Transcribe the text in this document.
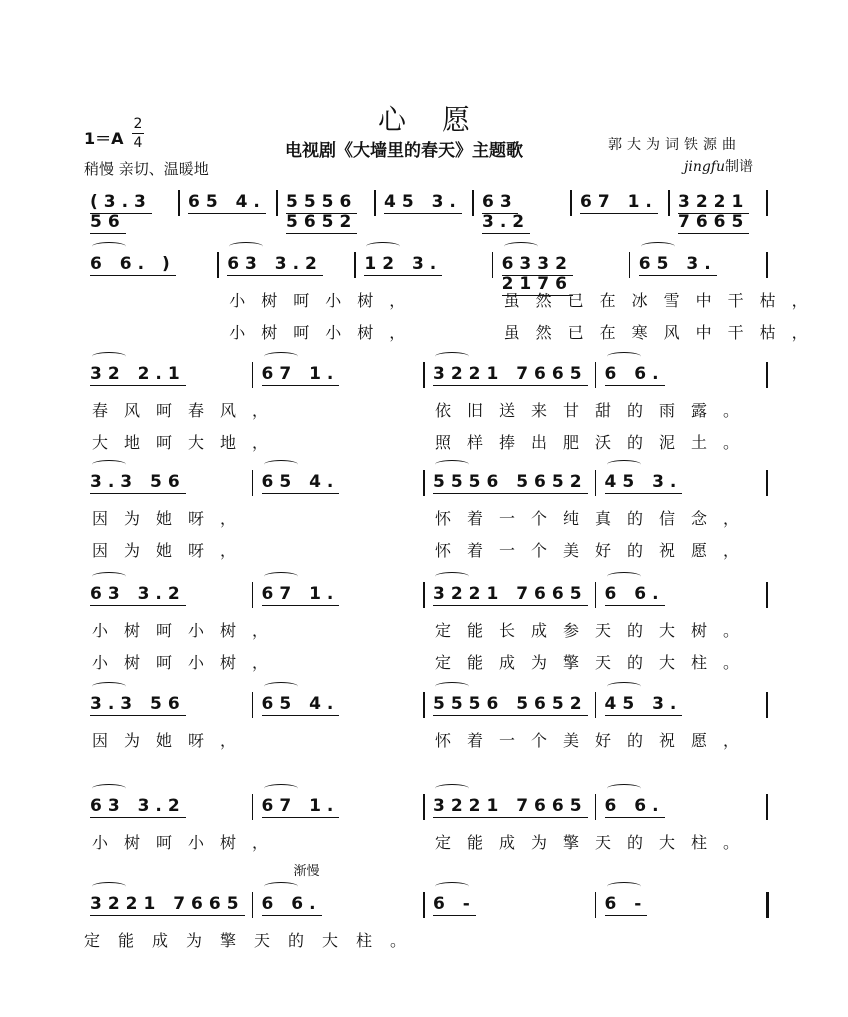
心愿
电视剧《大墙里的春天》主题歌	郭大为词铁源曲
jingfu制谱
1＝A
2
4
稍慢 亲切、温暖地
(3.3 56
65 4.	5556 5652
45 3.	63 3.2
67 1.	3221 7665
6 6. )	63 3.2	12 3.	6332 2176
65 3.
小树呵小树，	虽然已在冰雪中干枯，
小树呵小树，	虽然已在寒风中干枯，
32 2.1	67 1.	3221 7665 6 6.
春风呵春风，	依旧送来甘甜的雨露。
大地呵大地，	照样捧出肥沃的泥土。
3.3 56	65 4.	5556 5652 45 3.
因为她呀，	怀着一个纯真的信念，
因为她呀，	怀着一个美好的祝愿，
63 3.2	67 1.	3221 7665 6 6.
小树呵小树，	定能长成参天的大树。
小树呵小树，	定能成为擎天的大柱。
3.3 56	65 4.	5556 5652 45 3.
因为她呀，	怀着一个美好的祝愿，
63 3.2	67 1.	3221 7665 6 6.
小树呵小树，	定能成为擎天的大柱。
3221 7665 6 6.	6 -	6 -
渐慢
定能成为擎天的大柱。
